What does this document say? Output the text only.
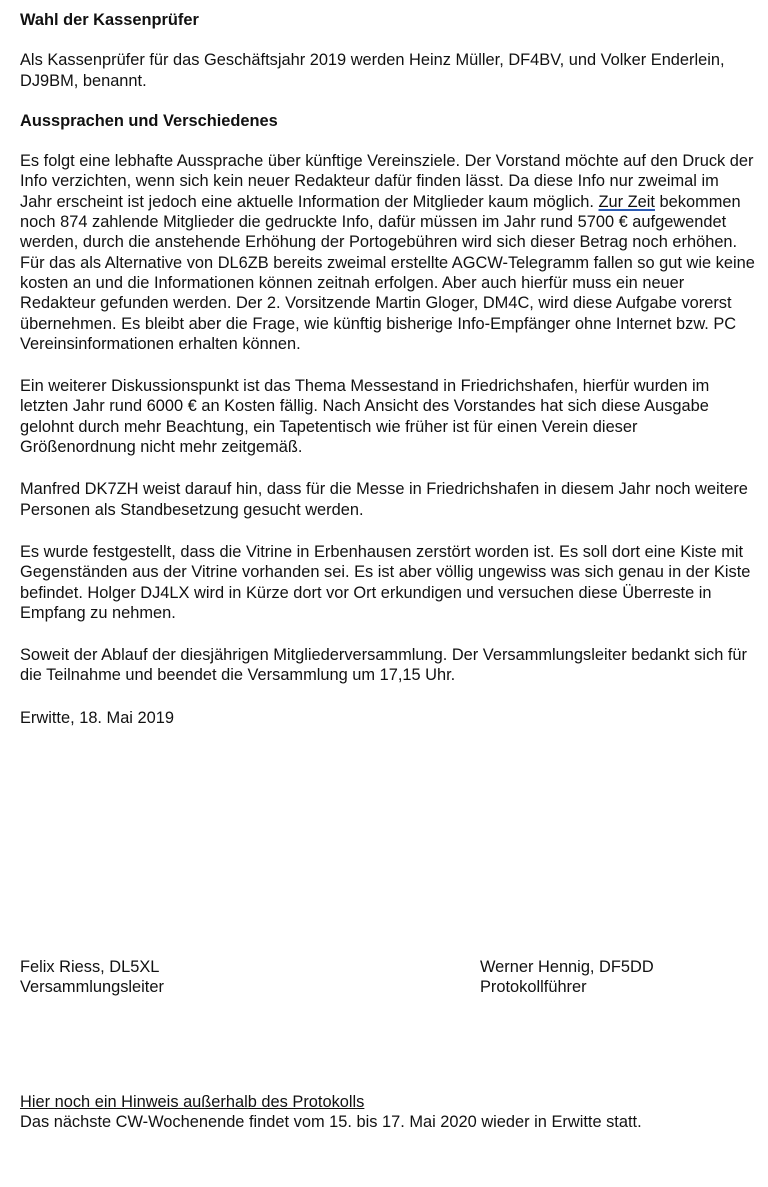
Wahl der Kassenprüfer

Als Kassenprüfer für das Geschäftsjahr 2019 werden Heinz Müller, DF4BV, und Volker Enderlein, DJ9BM, benannt.

Aussprachen und Verschiedenes

Es folgt eine lebhafte Aussprache über künftige Vereinsziele. Der Vorstand möchte auf den Druck der Info verzichten, wenn sich kein neuer Redakteur dafür finden lässt. Da diese Info nur zweimal im Jahr erscheint ist jedoch eine aktuelle Information der Mitglieder kaum möglich. Zur Zeit bekommen noch 874 zahlende Mitglieder die gedruckte Info, dafür müssen im Jahr rund 5700 € aufgewendet werden, durch die anstehende Erhöhung der Portogebühren wird sich dieser Betrag noch erhöhen. Für das als Alternative von DL6ZB bereits zweimal erstellte AGCW-Telegramm fallen so gut wie keine kosten an und die Informationen können zeitnah erfolgen. Aber auch hierfür muss ein neuer Redakteur gefunden werden. Der 2. Vorsitzende Martin Gloger, DM4C, wird diese Aufgabe vorerst übernehmen. Es bleibt aber die Frage, wie künftig bisherige Info-Empfänger ohne Internet bzw. PC Vereinsinformationen erhalten können.

Ein weiterer Diskussionspunkt ist das Thema Messestand in Friedrichshafen, hierfür wurden im letzten Jahr rund 6000 € an Kosten fällig. Nach Ansicht des Vorstandes hat sich diese Ausgabe gelohnt durch mehr Beachtung, ein Tapetentisch wie früher ist für einen Verein dieser Größenordnung nicht mehr zeitgemäß.

Manfred DK7ZH weist darauf hin, dass für die Messe in Friedrichshafen in diesem Jahr noch weitere Personen als Standbesetzung gesucht werden.

Es wurde festgestellt, dass die Vitrine in Erbenhausen zerstört worden ist. Es soll dort eine Kiste mit Gegenständen aus der Vitrine vorhanden sei. Es ist aber völlig ungewiss was sich genau in der Kiste befindet. Holger DJ4LX wird in Kürze dort vor Ort erkundigen und versuchen diese Überreste in Empfang zu nehmen.

Soweit der Ablauf der diesjährigen Mitgliederversammlung. Der Versammlungsleiter bedankt sich für die Teilnahme und beendet die Versammlung um 17,15 Uhr.

Erwitte, 18. Mai 2019

Felix Riess, DL5XL

Versammlungsleiter

Werner Hennig, DF5DD

Protokollführer

Hier noch ein Hinweis außerhalb des Protokolls

Das nächste CW-Wochenende findet vom 15. bis 17. Mai 2020 wieder in Erwitte statt.
